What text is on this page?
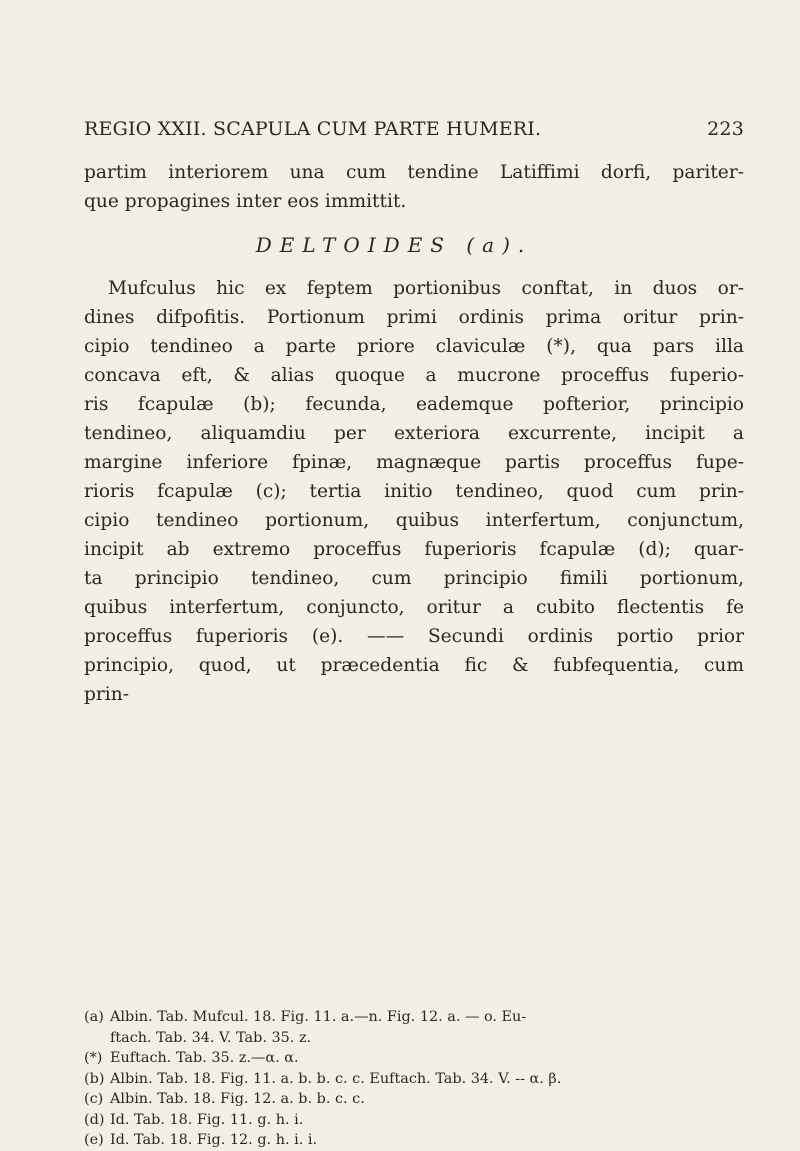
REGIO XXII. SCAPULA CUM PARTE HUMERI.	223
partim interiorem una cum tendine Latiffimi dorfi, pariter-
que propagines inter eos immittit.
DELTOIDES (a).
Mufculus hic ex feptem portionibus conftat, in duos or-
dines difpofitis. Portionum primi ordinis prima oritur prin-
cipio tendineo a parte priore claviculæ (*), qua pars illa
concava eft, & alias quoque a mucrone proceffus fuperio-
ris fcapulæ (b); fecunda, eademque pofterior, principio
tendineo, aliquamdiu per exteriora excurrente, incipit a
margine inferiore fpinæ, magnæque partis proceffus fupe-
rioris fcapulæ (c); tertia initio tendineo, quod cum prin-
cipio tendineo portionum, quibus interfertum, conjunctum,
incipit ab extremo proceffus fuperioris fcapulæ (d); quar-
ta principio tendineo, cum principio fimili portionum,
quibus interfertum, conjuncto, oritur a cubito flectentis fe
proceffus fuperioris (e). —— Secundi ordinis portio prior
principio, quod, ut præcedentia fic & fubfequentia, cum
prin-
(a) Albin. Tab. Mufcul. 18. Fig. 11. a.—n. Fig. 12. a. — o. Eu-
ftach. Tab. 34. V. Tab. 35. z.
(*) Euftach. Tab. 35. z.—α. α.
(b) Albin. Tab. 18. Fig. 11. a. b. b. c. c. Euftach. Tab. 34. V. -- α. β.
(c) Albin. Tab. 18. Fig. 12. a. b. b. c. c.
(d) Id. Tab. 18. Fig. 11. g. h. i.
(e) Id. Tab. 18. Fig. 12. g. h. i. i.
